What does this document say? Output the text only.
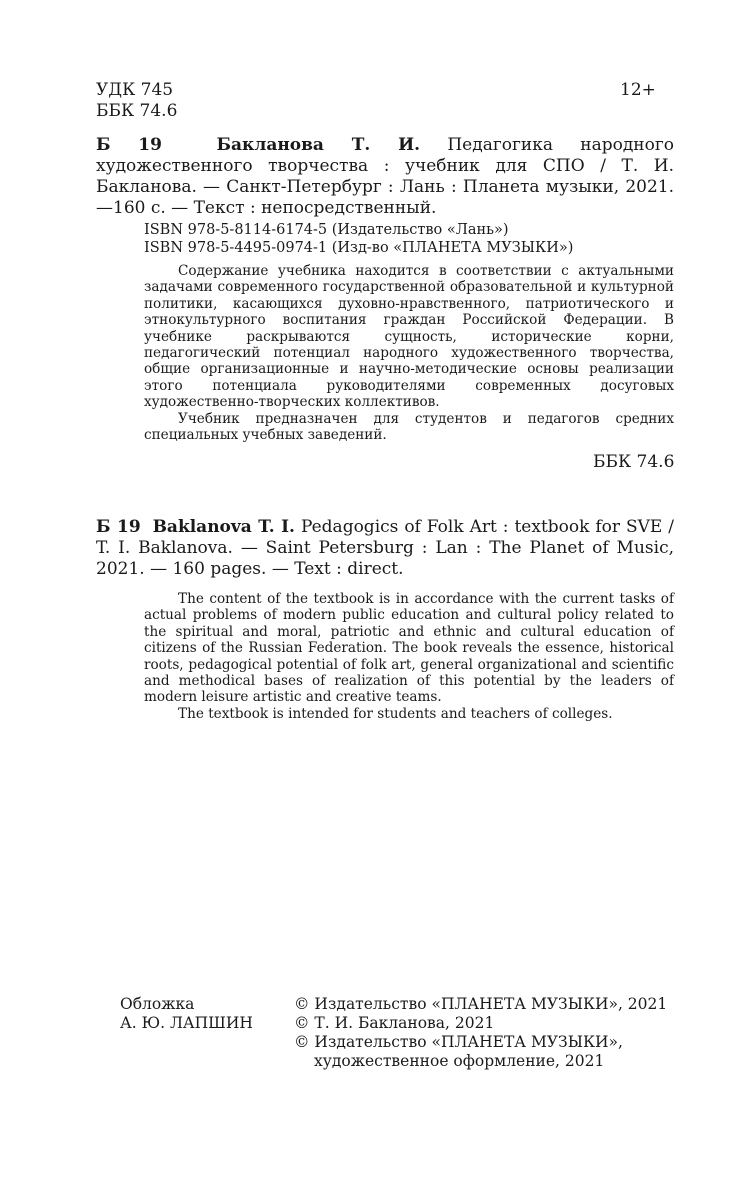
УДК 745
ББК 74.6
12+
Б 19	Бакланова Т. И. Педагогика народного художественного творчества : учебник для СПО / Т. И. Бакланова. — Санкт-Петербург : Лань : Планета музыки, 2021. —160 с. — Текст : непосредственный.
ISBN 978-5-8114-6174-5 (Издательство «Лань»)
ISBN 978-5-4495-0974-1 (Изд-во «ПЛАНЕТА МУЗЫКИ»)

Содержание учебника находится в соответствии с актуальными задачами современного государственной образовательной и культурной политики, касающихся духовно-нравственного, патриотического и этнокультурного воспитания граждан Российской Федерации. В учебнике раскрываются сущность, исторические корни, педагогический потенциал народного художественного творчества, общие организационные и научно-методические основы реализации этого потенциала руководителями современных досуговых художественно-творческих коллективов.

Учебник предназначен для студентов и педагогов средних специальных учебных заведений.

ББК 74.6
Б 19 Baklanova T. I. Pedagogics of Folk Art : textbook for SVE / T. I. Baklanova. — Saint Petersburg : Lan : The Planet of Music, 2021. — 160 pages. — Text : direct.

The content of the textbook is in accordance with the current tasks of actual problems of modern public education and cultural policy related to the spiritual and moral, patriotic and ethnic and cultural education of citizens of the Russian Federation. The book reveals the essence, historical roots, pedagogical potential of folk art, general organizational and scientific and methodical bases of realization of this potential by the leaders of modern leisure artistic and creative teams.

The textbook is intended for students and teachers of colleges.

Обложка
А. Ю. ЛАПШИН
© Издательство «ПЛАНЕТА МУЗЫКИ», 2021
© Т. И. Бакланова, 2021
© Издательство «ПЛАНЕТА МУЗЫКИ», художественное оформление, 2021
